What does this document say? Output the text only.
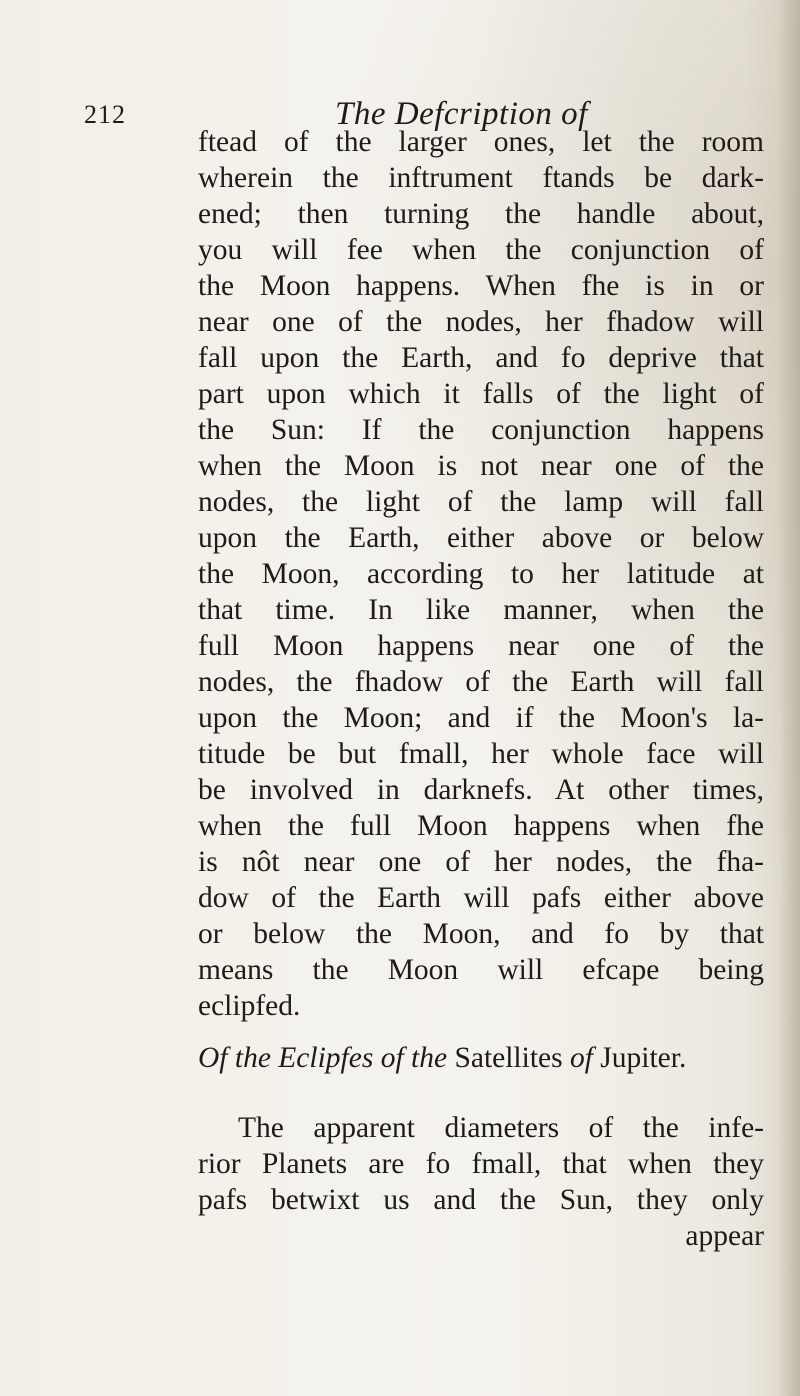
212	The Defcription of
ftead of the larger ones, let the room
wherein the inftrument ftands be dark-
ened; then turning the handle about,
you will fee when the conjunction of
the Moon happens. When fhe is in or
near one of the nodes, her fhadow will
fall upon the Earth, and fo deprive that
part upon which it falls of the light of
the Sun: If the conjunction happens
when the Moon is not near one of the
nodes, the light of the lamp will fall
upon the Earth, either above or below
the Moon, according to her latitude at
that time. In like manner, when the
full Moon happens near one of the
nodes, the fhadow of the Earth will fall
upon the Moon; and if the Moon's la-
titude be but fmall, her whole face will
be involved in darknefs. At other times,
when the full Moon happens when fhe
is nôt near one of her nodes, the fha-
dow of the Earth will pafs either above
or below the Moon, and fo by that
means the Moon will efcape being
eclipfed.
Of the Eclipfes of the Satellites of Jupiter.
The apparent diameters of the infe-
rior Planets are fo fmall, that when they
pafs betwixt us and the Sun, they only
appear
